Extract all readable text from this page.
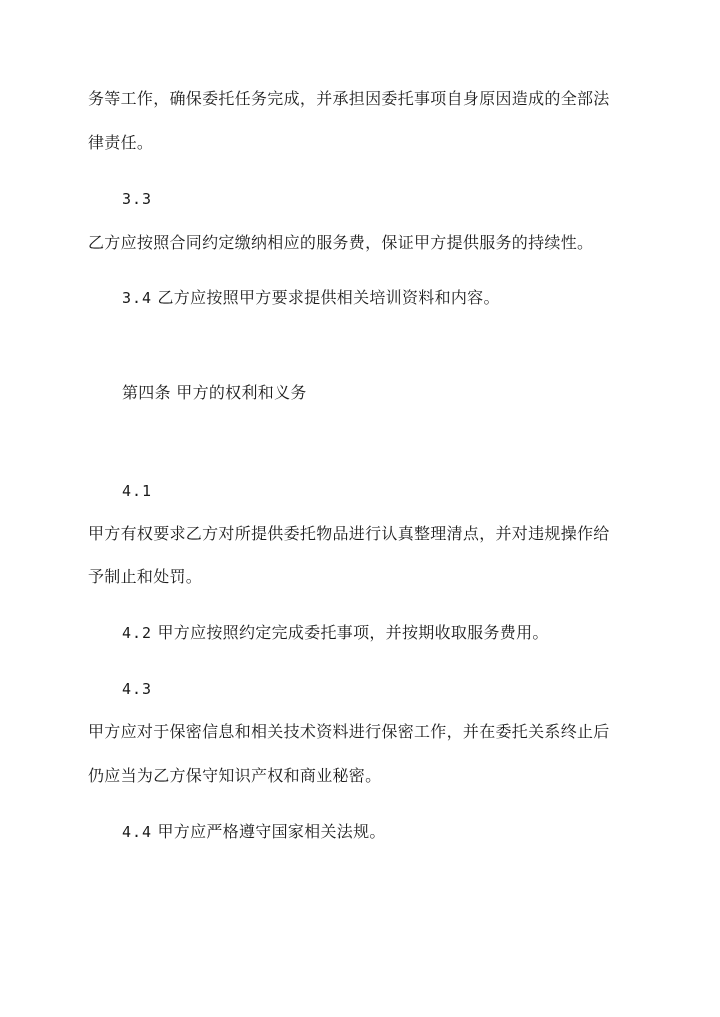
务等工作，确保委托任务完成，并承担因委托事项自身原因造成的全部法
律责任。
3.3
乙方应按照合同约定缴纳相应的服务费，保证甲方提供服务的持续性。
3.4 乙方应按照甲方要求提供相关培训资料和内容。
第四条 甲方的权利和义务
4.1
甲方有权要求乙方对所提供委托物品进行认真整理清点，并对违规操作给
予制止和处罚。
4.2 甲方应按照约定完成委托事项，并按期收取服务费用。
4.3
甲方应对于保密信息和相关技术资料进行保密工作，并在委托关系终止后
仍应当为乙方保守知识产权和商业秘密。
4.4 甲方应严格遵守国家相关法规。
